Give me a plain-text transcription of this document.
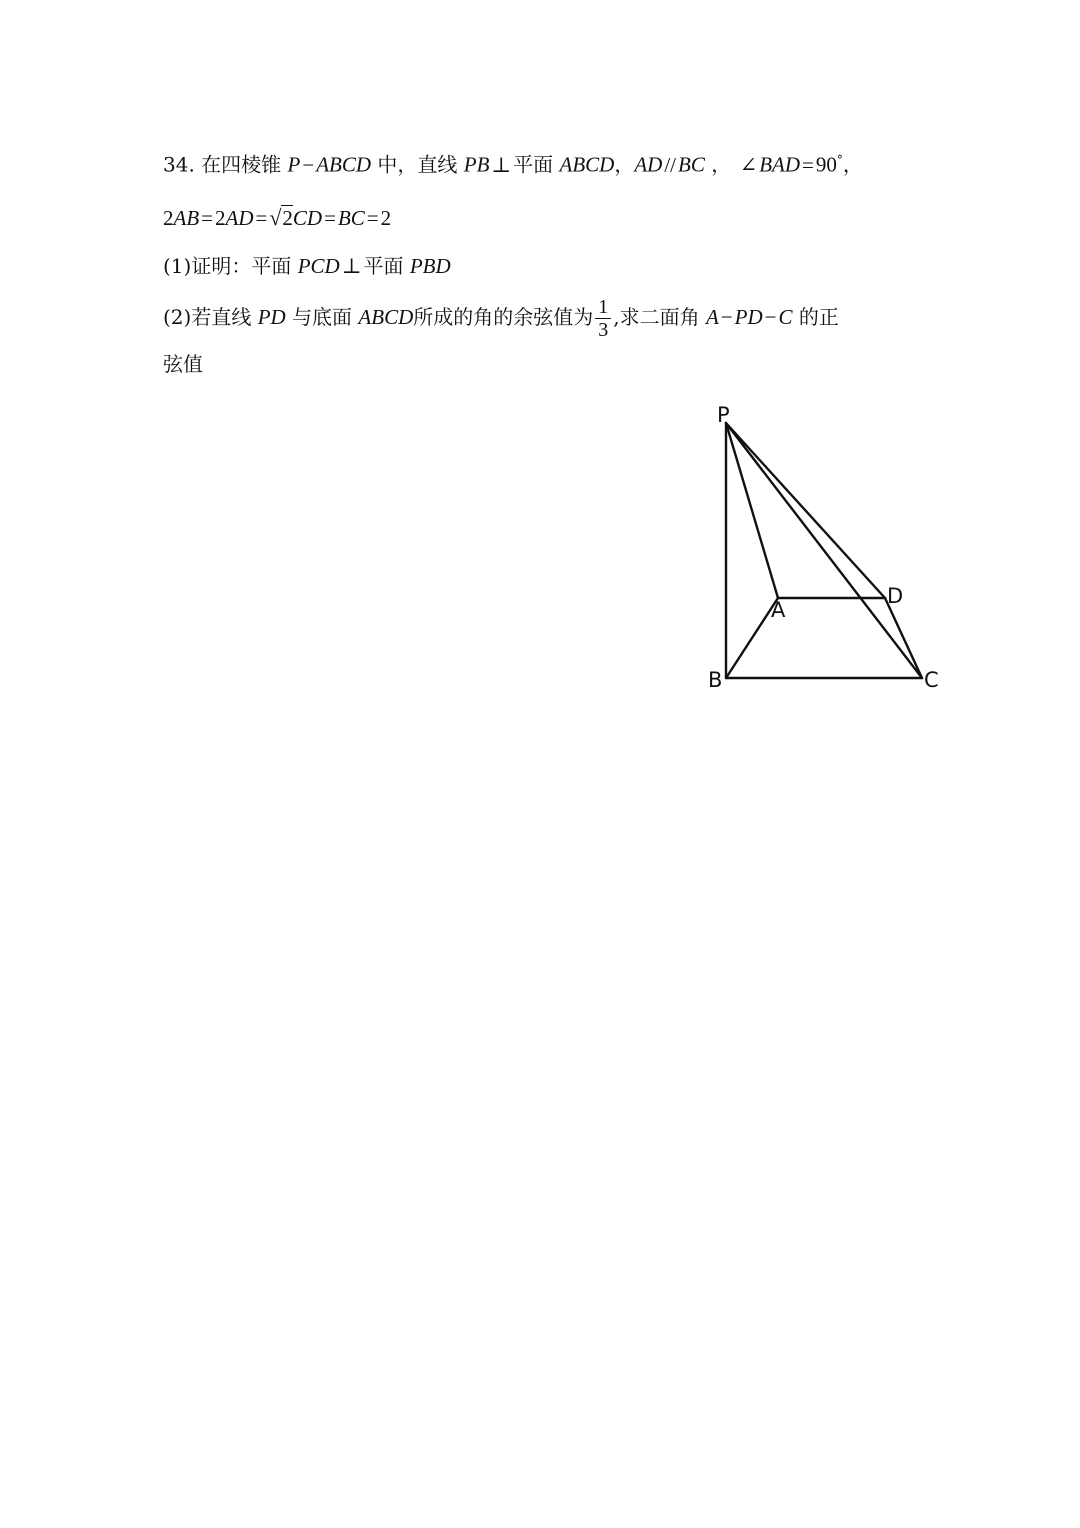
34. 在四棱锥 P−ABCD 中，直线 PB⊥ 平面 ABCD，AD//BC ， ∠BAD=90°，
2AB=2AD=√2CD=BC=2
(1)证明：平面 PCD⊥ 平面 PBD
(2)若直线 PD 与底面 ABCD所成的角的余弦值为 $\frac{1}{3}$ ,求二面角 A−PD−C 的正
弦值
P
A
D
B	C
